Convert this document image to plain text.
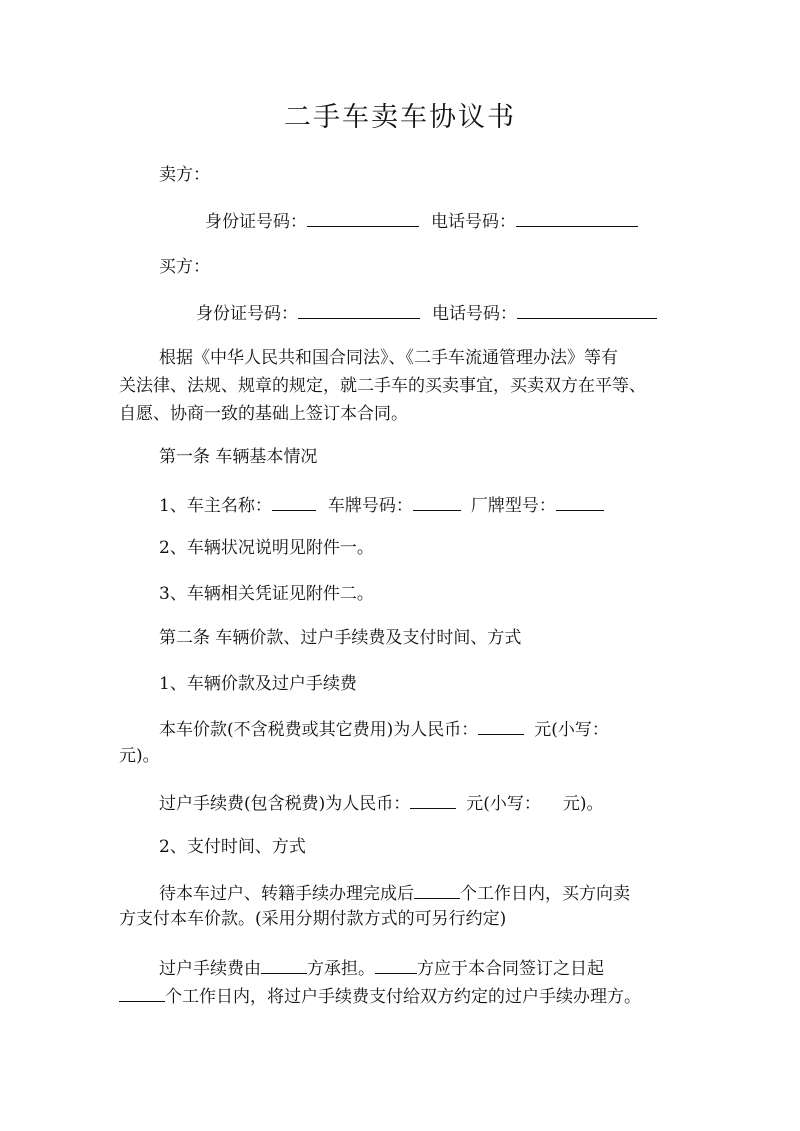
二手车卖车协议书
卖方：
身份证号码：	电话号码：
买方：
身份证号码：	电话号码：
根据《中华人民共和国合同法》、《二手车流通管理办法》等有
关法律、法规、规章的规定，就二手车的买卖事宜，买卖双方在平等、
自愿、协商一致的基础上签订本合同。
第一条 车辆基本情况
1、车主名称：	车牌号码：	厂牌型号：
2、车辆状况说明见附件一。
3、车辆相关凭证见附件二。
第二条 车辆价款、过户手续费及支付时间、方式
1、车辆价款及过户手续费
本车价款(不含税费或其它费用)为人民币：	元(小写：
元)。
过户手续费(包含税费)为人民币：	元(小写： 元)。
2、支付时间、方式
待本车过户、转籍手续办理完成后	个工作日内，买方向卖
方支付本车价款。(采用分期付款方式的可另行约定)
过户手续费由	方承担。 方应于本合同签订之日起
个工作日内，将过户手续费支付给双方约定的过户手续办理方。
